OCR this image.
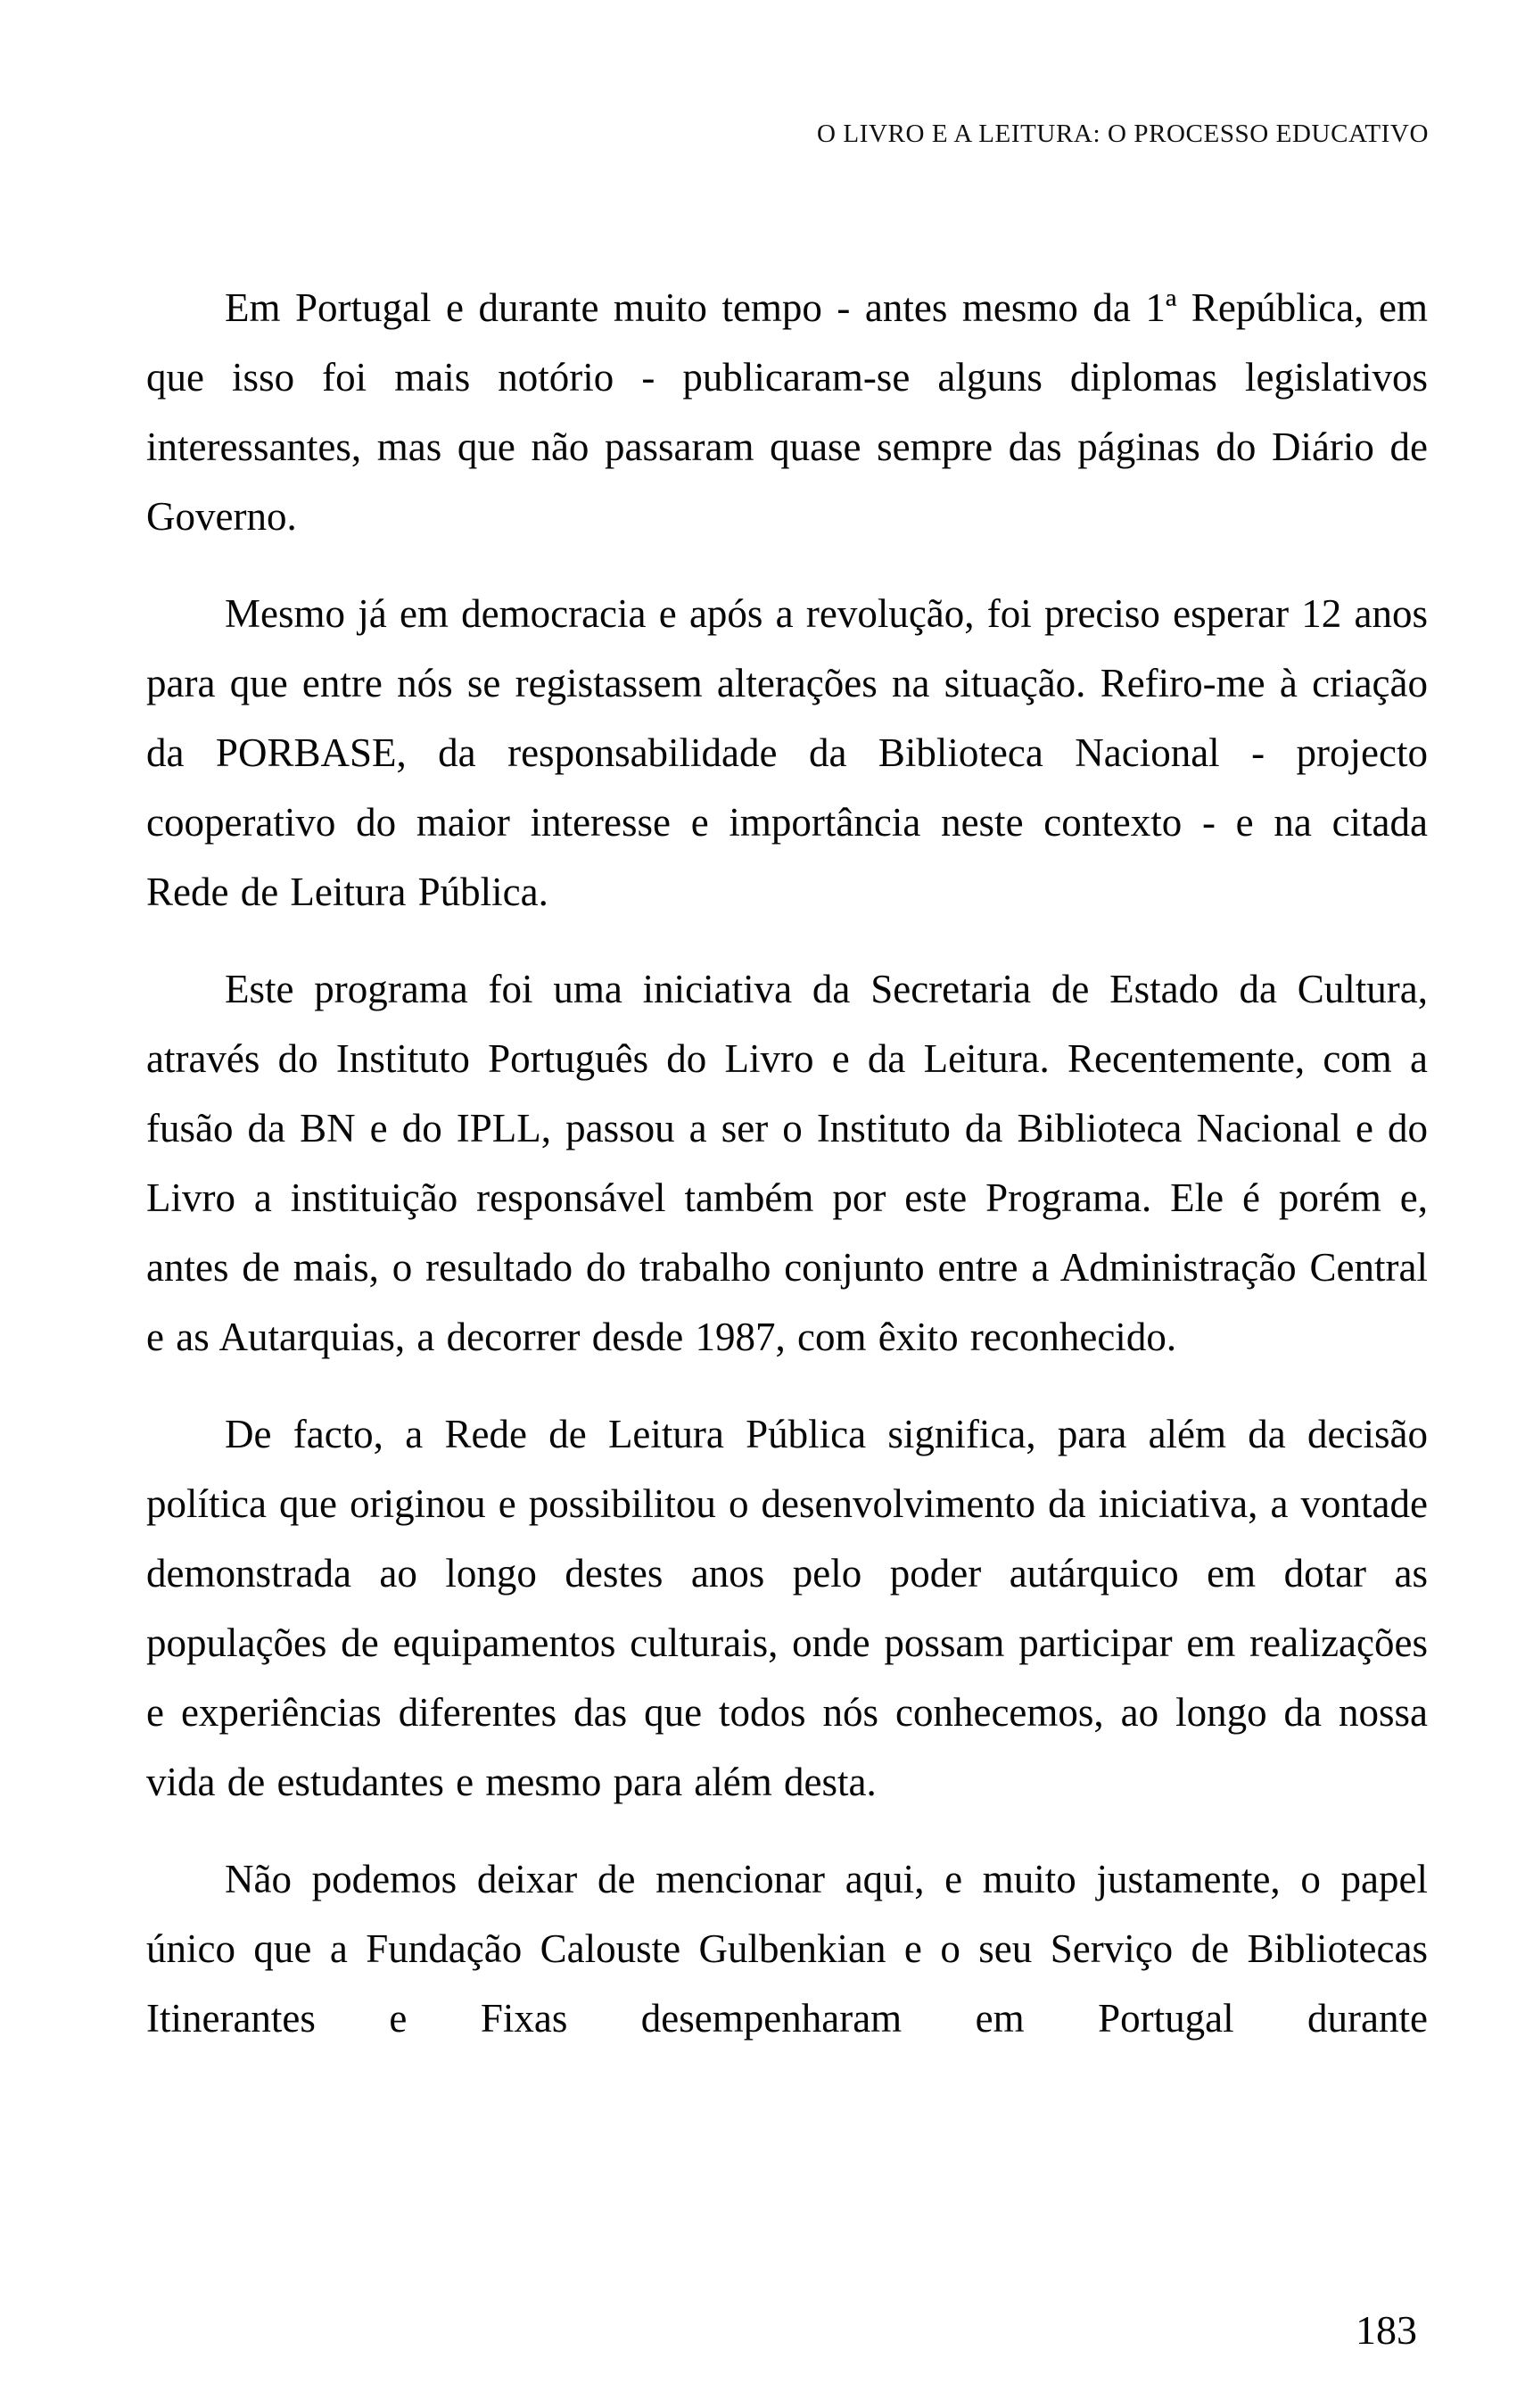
O LIVRO E A LEITURA: O PROCESSO EDUCATIVO

Em Portugal e durante muito tempo - antes mesmo da 1ª República, em que isso foi mais notório - publicaram-se alguns diplomas legislativos interessantes, mas que não passaram quase sempre das páginas do Diário de Governo.

Mesmo já em democracia e após a revolução, foi preciso esperar 12 anos para que entre nós se registassem alterações na situação. Refiro-me à criação da PORBASE, da responsabilidade da Biblioteca Nacional - projecto cooperativo do maior interesse e importância neste contexto - e na citada Rede de Leitura Pública.

Este programa foi uma iniciativa da Secretaria de Estado da Cultura, através do Instituto Português do Livro e da Leitura. Recentemente, com a fusão da BN e do IPLL, passou a ser o Instituto da Biblioteca Nacional e do Livro a instituição responsável também por este Programa. Ele é porém e, antes de mais, o resultado do trabalho conjunto entre a Administração Central e as Autarquias, a decorrer desde 1987, com êxito reconhecido.

De facto, a Rede de Leitura Pública significa, para além da decisão política que originou e possibilitou o desenvolvimento da iniciativa, a vontade demonstrada ao longo destes anos pelo poder autárquico em dotar as populações de equipamentos culturais, onde possam participar em realizações e experiências diferentes das que todos nós conhecemos, ao longo da nossa vida de estudantes e mesmo para além desta.

Não podemos deixar de mencionar aqui, e muito justamente, o papel único que a Fundação Calouste Gulbenkian e o seu Serviço de Bibliotecas Itinerantes e Fixas desempenharam em Portugal durante

183
